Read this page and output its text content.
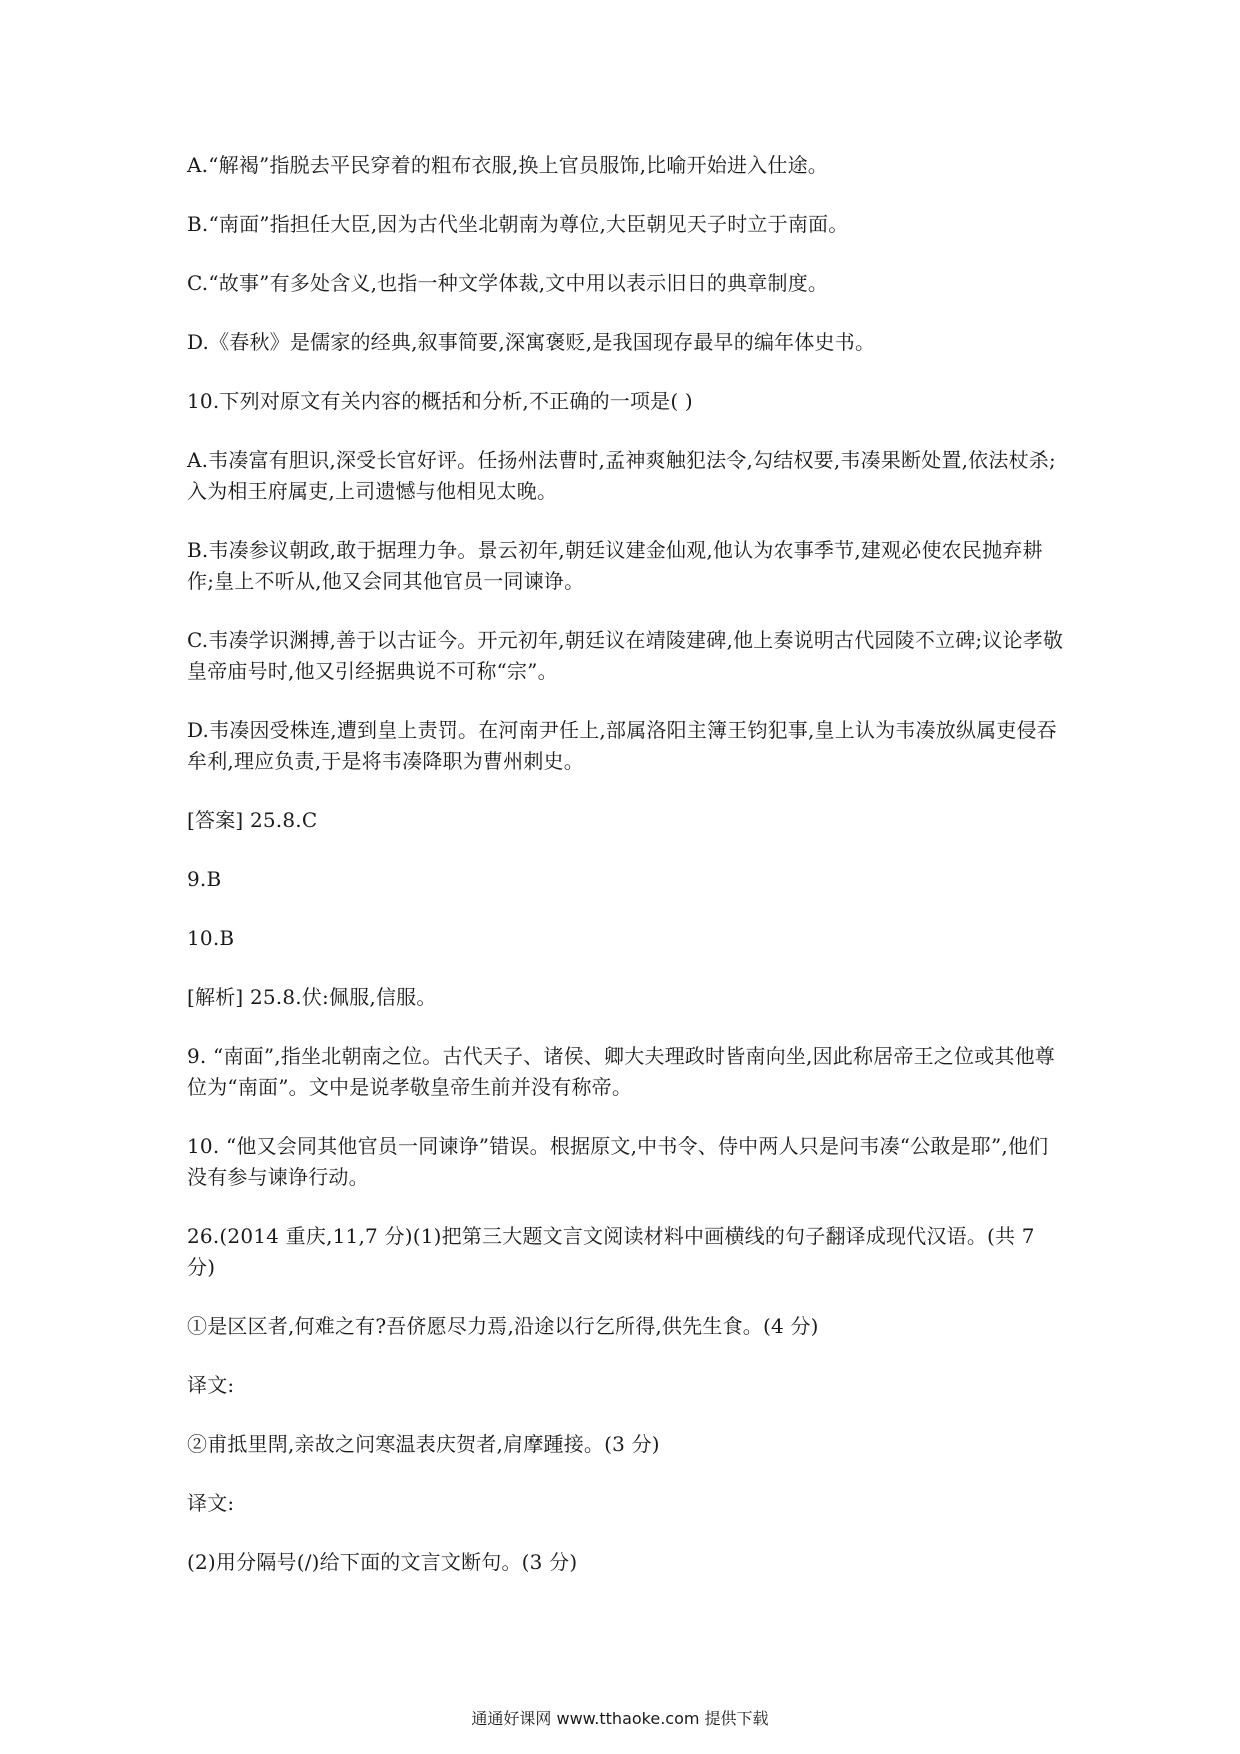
A.“解褐”指脱去平民穿着的粗布衣服,换上官员服饰,比喻开始进入仕途。

B.“南面”指担任大臣,因为古代坐北朝南为尊位,大臣朝见天子时立于南面。

C.“故事”有多处含义,也指一种文学体裁,文中用以表示旧日的典章制度。

D.《春秋》是儒家的经典,叙事简要,深寓褒贬,是我国现存最早的编年体史书。

10.下列对原文有关内容的概括和分析,不正确的一项是( )

A.韦凑富有胆识,深受长官好评。任扬州法曹时,孟神爽触犯法令,勾结权要,韦凑果断处置,依法杖杀;入为相王府属吏,上司遗憾与他相见太晚。

B.韦凑参议朝政,敢于据理力争。景云初年,朝廷议建金仙观,他认为农事季节,建观必使农民抛弃耕作;皇上不听从,他又会同其他官员一同谏诤。

C.韦凑学识渊搏,善于以古证今。开元初年,朝廷议在靖陵建碑,他上奏说明古代园陵不立碑;议论孝敬皇帝庙号时,他又引经据典说不可称“宗”。

D.韦凑因受株连,遭到皇上责罚。在河南尹任上,部属洛阳主簿王钧犯事,皇上认为韦凑放纵属吏侵吞牟利,理应负责,于是将韦凑降职为曹州刺史。

[答案] 25.8.C

9.B

10.B

[解析] 25.8.伏:佩服,信服。

9. “南面”,指坐北朝南之位。古代天子、诸侯、卿大夫理政时皆南向坐,因此称居帝王之位或其他尊位为“南面”。文中是说孝敬皇帝生前并没有称帝。

10. “他又会同其他官员一同谏诤”错误。根据原文,中书令、侍中两人只是问韦凑“公敢是耶”,他们没有参与谏诤行动。

26.(2014 重庆,11,7 分)(1)把第三大题文言文阅读材料中画横线的句子翻译成现代汉语。(共 7 分)

①是区区者,何难之有?吾侪愿尽力焉,沿途以行乞所得,供先生食。(4 分)

译文:

②甫抵里閈,亲故之问寒温表庆贺者,肩摩踵接。(3 分)

译文:

(2)用分隔号(/)给下面的文言文断句。(3 分)

通通好课网 www.tthaoke.com 提供下载
